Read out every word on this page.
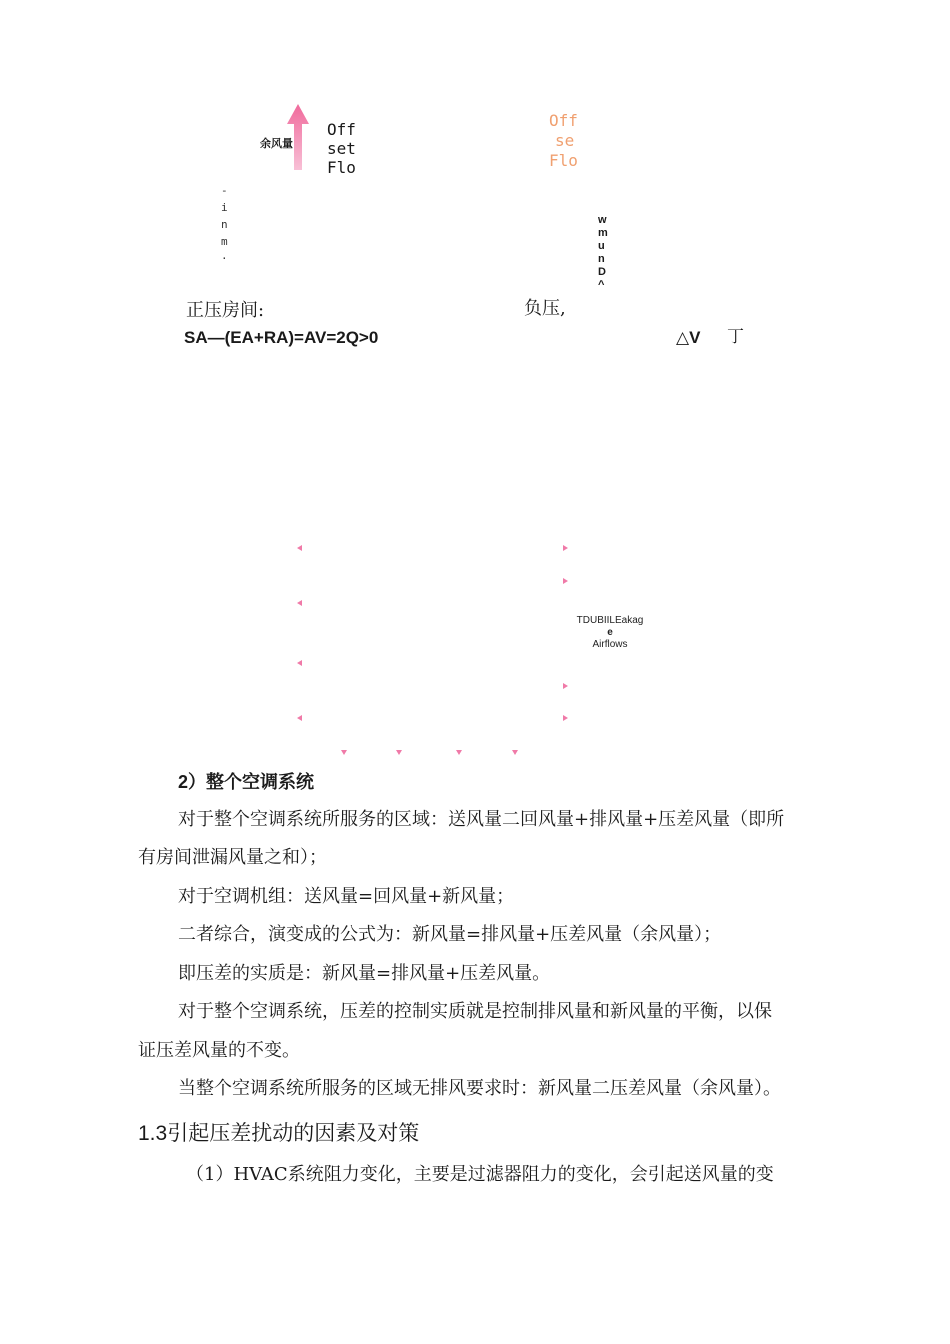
余风量
Off
set
Flo
Off
se
Flo
-
i
n
m
·
w
m
u
n
D
^
正压房间:	负压,
SA—(EA+RA)=AV=2Q>0	△V 丁
TDUBIILEakag
e
Airflows
2）整个空调系统
对于整个空调系统所服务的区域：送风量二回风量+排风量+压差风量（即所
有房间泄漏风量之和）；
对于空调机组：送风量=回风量+新风量；
二者综合，演变成的公式为：新风量=排风量+压差风量（余风量）；
即压差的实质是：新风量=排风量+压差风量。
对于整个空调系统，压差的控制实质就是控制排风量和新风量的平衡，以保
证压差风量的不变。
当整个空调系统所服务的区域无排风要求时：新风量二压差风量（余风量）。
1.3引起压差扰动的因素及对策
（1）HVAC系统阻力变化，主要是过滤器阻力的变化，会引起送风量的变
